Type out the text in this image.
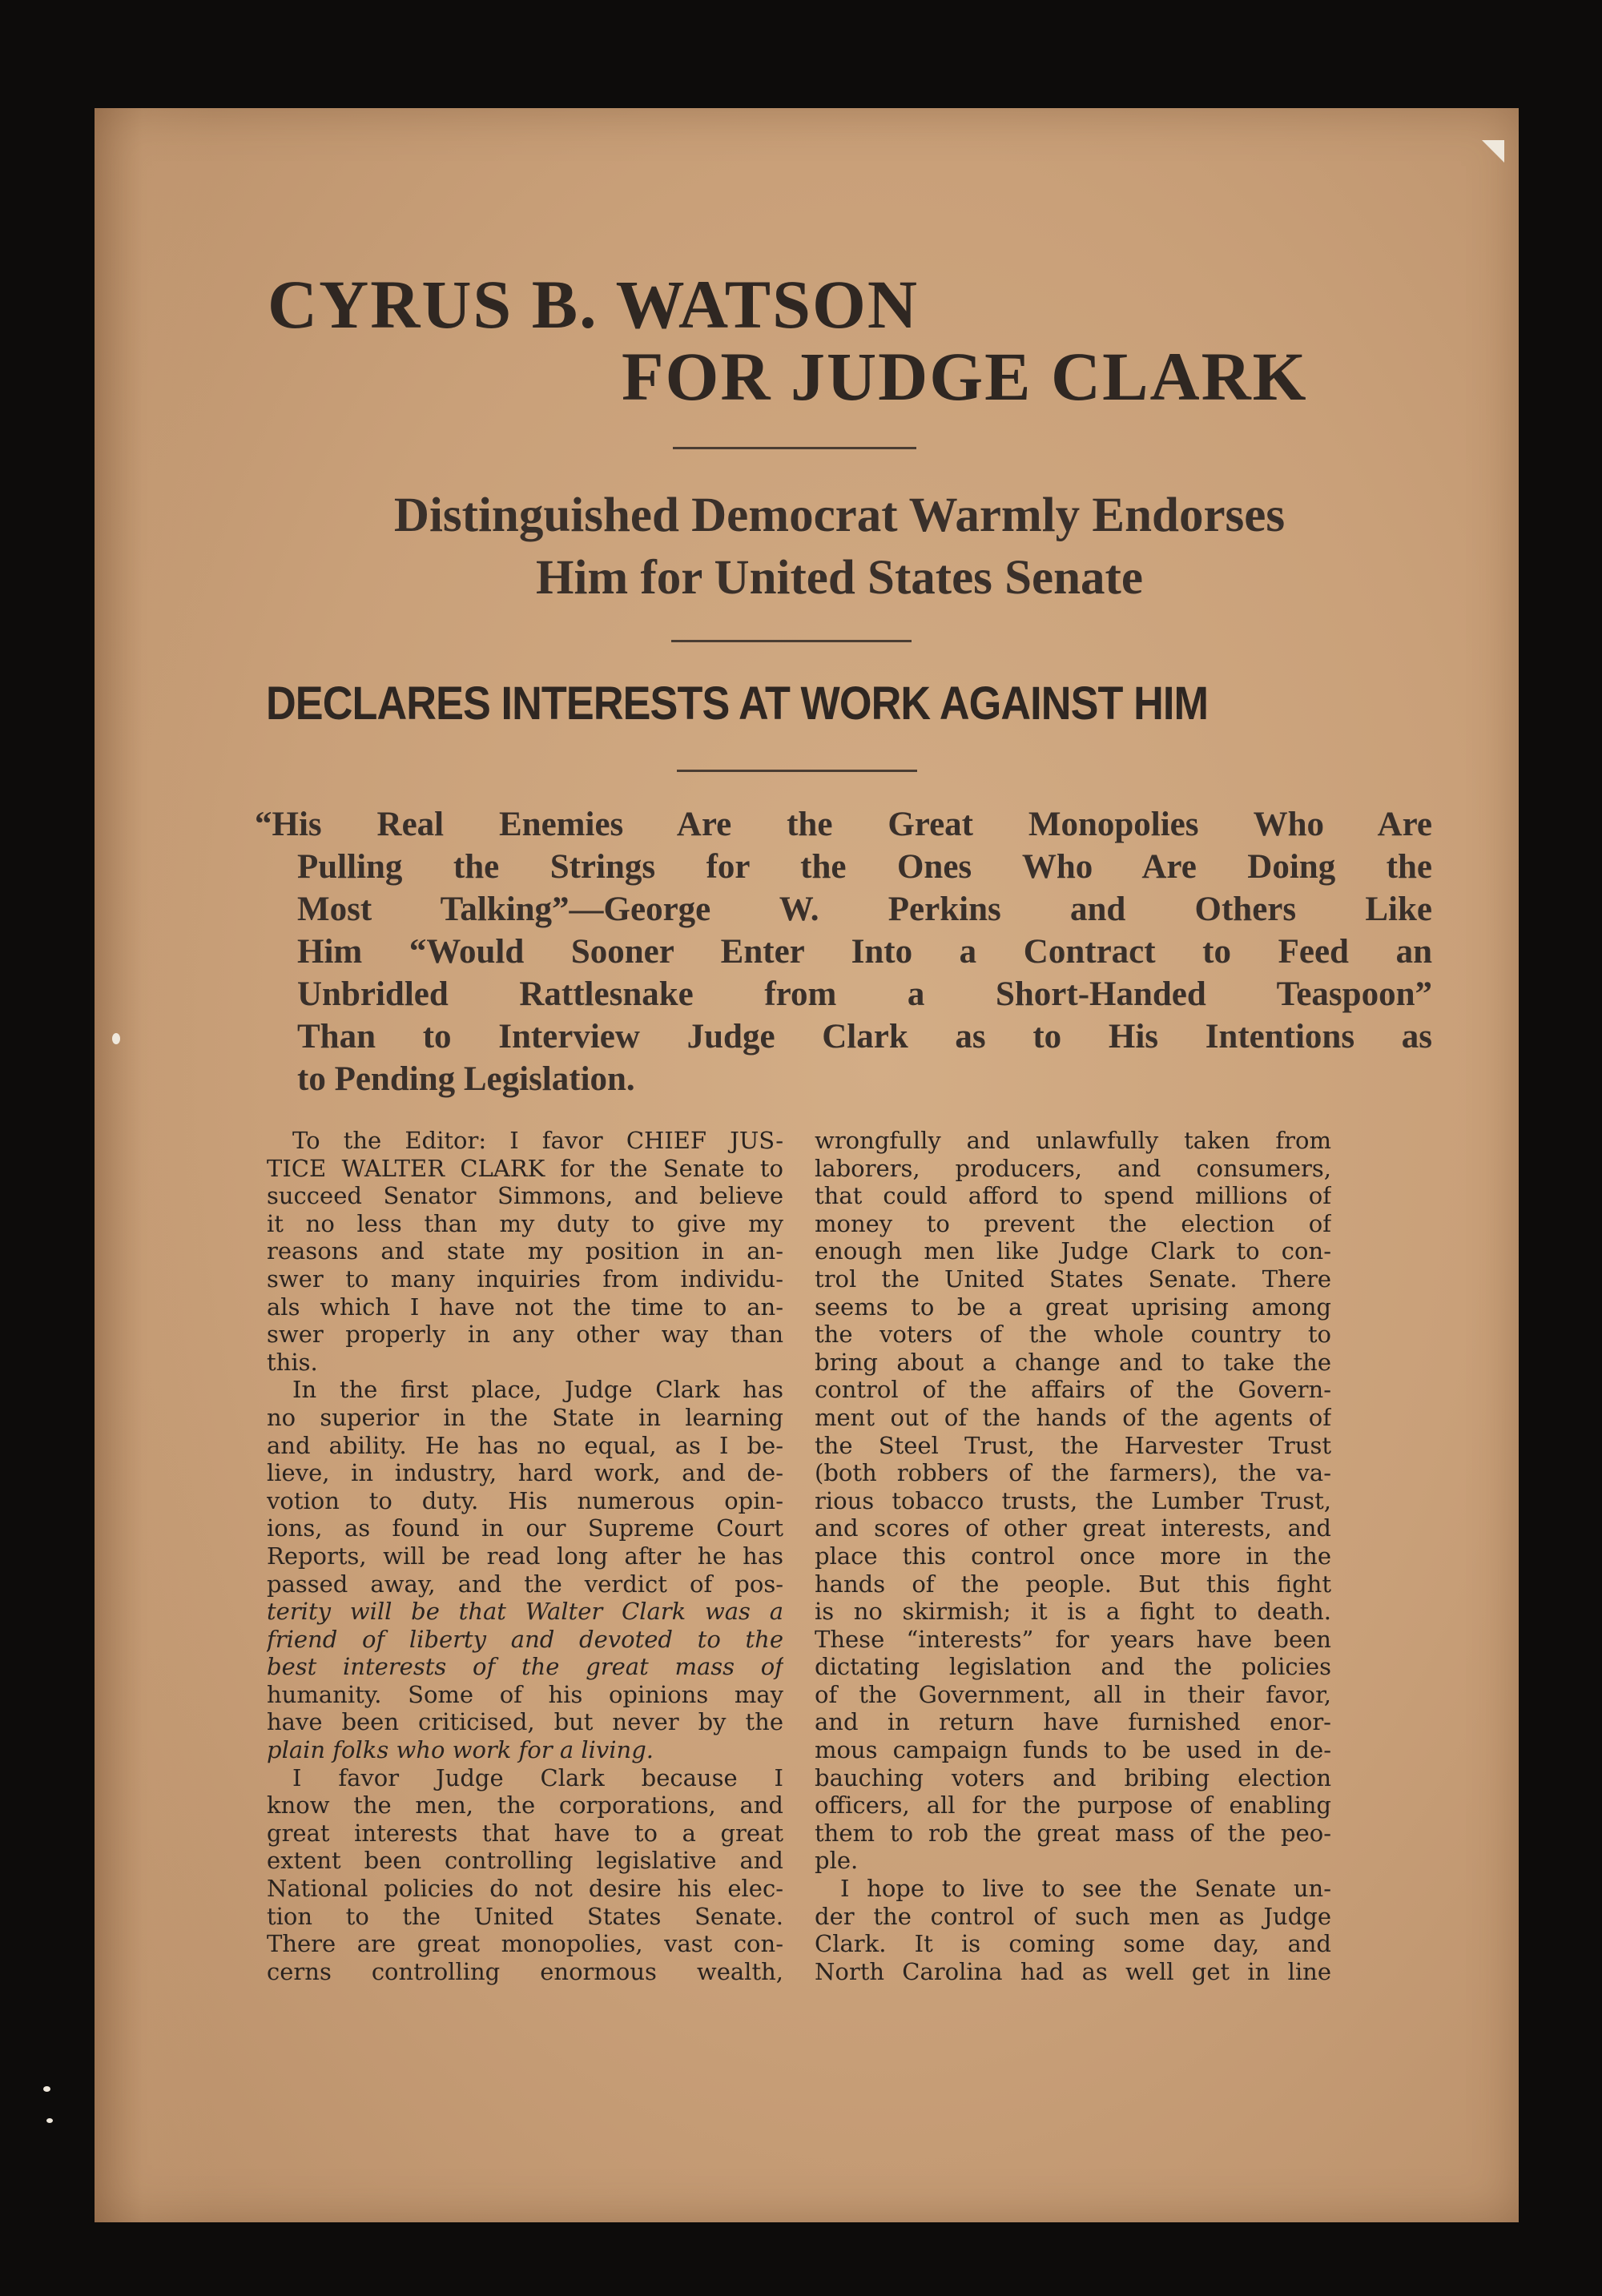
CYRUS B. WATSON
FOR JUDGE CLARK
Distinguished Democrat Warmly Endorses
Him for United States Senate
DECLARES INTERESTS AT WORK AGAINST HIM
“His Real Enemies Are the Great Monopolies Who Are
Pulling the Strings for the Ones Who Are Doing the
Most Talking”—George W. Perkins and Others Like
Him “Would Sooner Enter Into a Contract to Feed an
Unbridled Rattlesnake from a Short-Handed Teaspoon”
Than to Interview Judge Clark as to His Intentions as
to Pending Legislation.
To the Editor: I favor CHIEF JUS-
TICE WALTER CLARK for the Senate to
succeed Senator Simmons, and believe
it no less than my duty to give my
reasons and state my position in an-
swer to many inquiries from individu-
als which I have not the time to an-
swer properly in any other way than
this.
In the first place, Judge Clark has
no superior in the State in learning
and ability. He has no equal, as I be-
lieve, in industry, hard work, and de-
votion to duty. His numerous opin-
ions, as found in our Supreme Court
Reports, will be read long after he has
passed away, and the verdict of pos-
terity will be that Walter Clark was a
friend of liberty and devoted to the
best interests of the great mass of
humanity. Some of his opinions may
have been criticised, but never by the
plain folks who work for a living.
I favor Judge Clark because I
know the men, the corporations, and
great interests that have to a great
extent been controlling legislative and
National policies do not desire his elec-
tion to the United States Senate.
There are great monopolies, vast con-
cerns controlling enormous wealth,
wrongfully and unlawfully taken from
laborers, producers, and consumers,
that could afford to spend millions of
money to prevent the election of
enough men like Judge Clark to con-
trol the United States Senate. There
seems to be a great uprising among
the voters of the whole country to
bring about a change and to take the
control of the affairs of the Govern-
ment out of the hands of the agents of
the Steel Trust, the Harvester Trust
(both robbers of the farmers), the va-
rious tobacco trusts, the Lumber Trust,
and scores of other great interests, and
place this control once more in the
hands of the people. But this fight
is no skirmish; it is a fight to death.
These “interests” for years have been
dictating legislation and the policies
of the Government, all in their favor,
and in return have furnished enor-
mous campaign funds to be used in de-
bauching voters and bribing election
officers, all for the purpose of enabling
them to rob the great mass of the peo-
ple.
I hope to live to see the Senate un-
der the control of such men as Judge
Clark. It is coming some day, and
North Carolina had as well get in line
